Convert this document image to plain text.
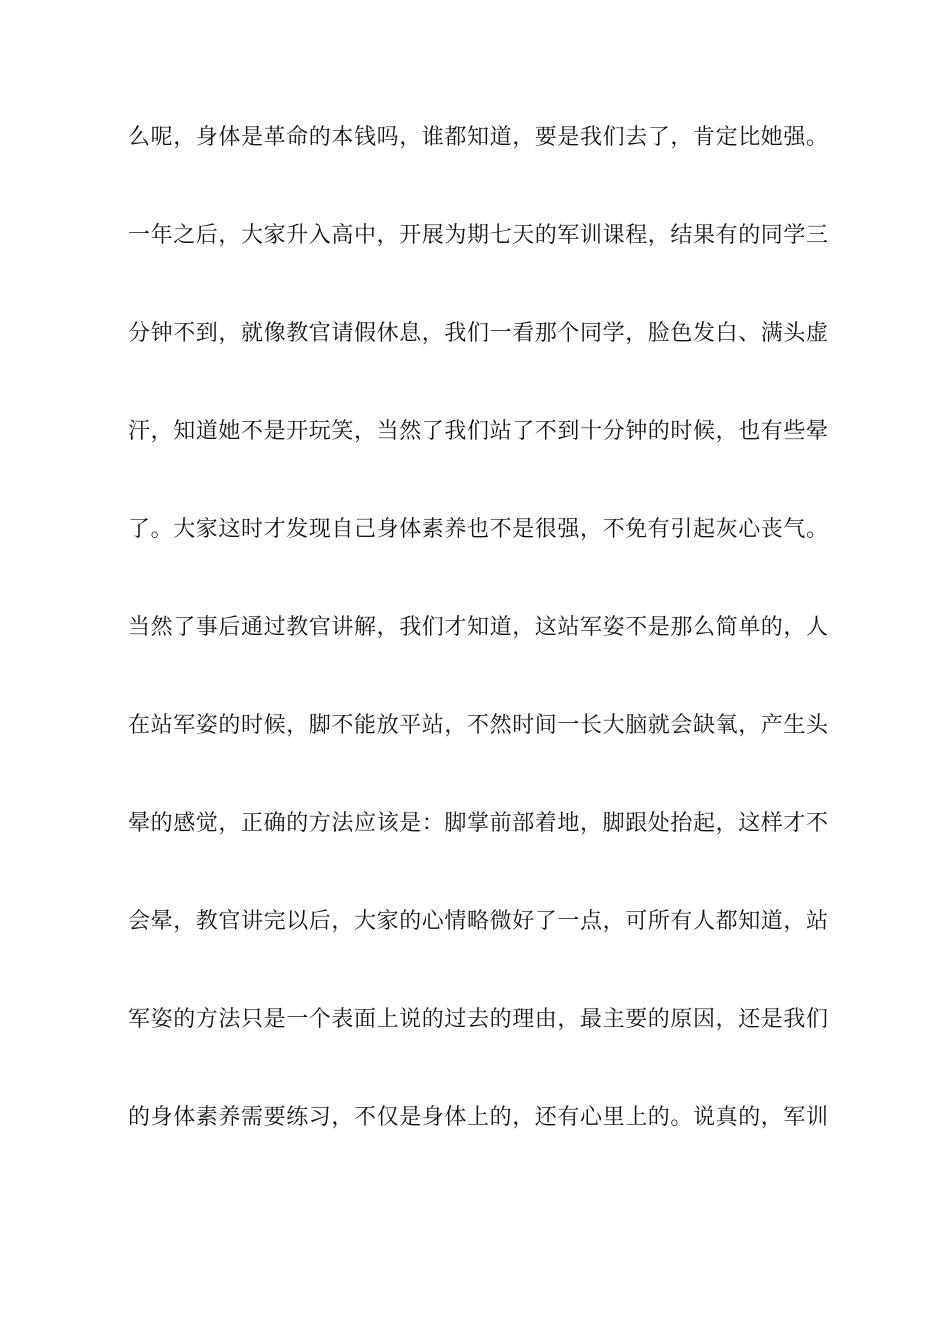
么呢，身体是革命的本钱吗，谁都知道，要是我们去了，肯定比她强。
一年之后，大家升入高中，开展为期七天的军训课程，结果有的同学三
分钟不到，就像教官请假休息，我们一看那个同学，脸色发白、满头虚
汗，知道她不是开玩笑，当然了我们站了不到十分钟的时候，也有些晕
了。大家这时才发现自己身体素养也不是很强，不免有引起灰心丧气。
当然了事后通过教官讲解，我们才知道，这站军姿不是那么简单的，人
在站军姿的时候，脚不能放平站，不然时间一长大脑就会缺氧，产生头
晕的感觉，正确的方法应该是：脚掌前部着地，脚跟处抬起，这样才不
会晕，教官讲完以后，大家的心情略微好了一点，可所有人都知道，站
军姿的方法只是一个表面上说的过去的理由，最主要的原因，还是我们
的身体素养需要练习，不仅是身体上的，还有心里上的。说真的，军训
